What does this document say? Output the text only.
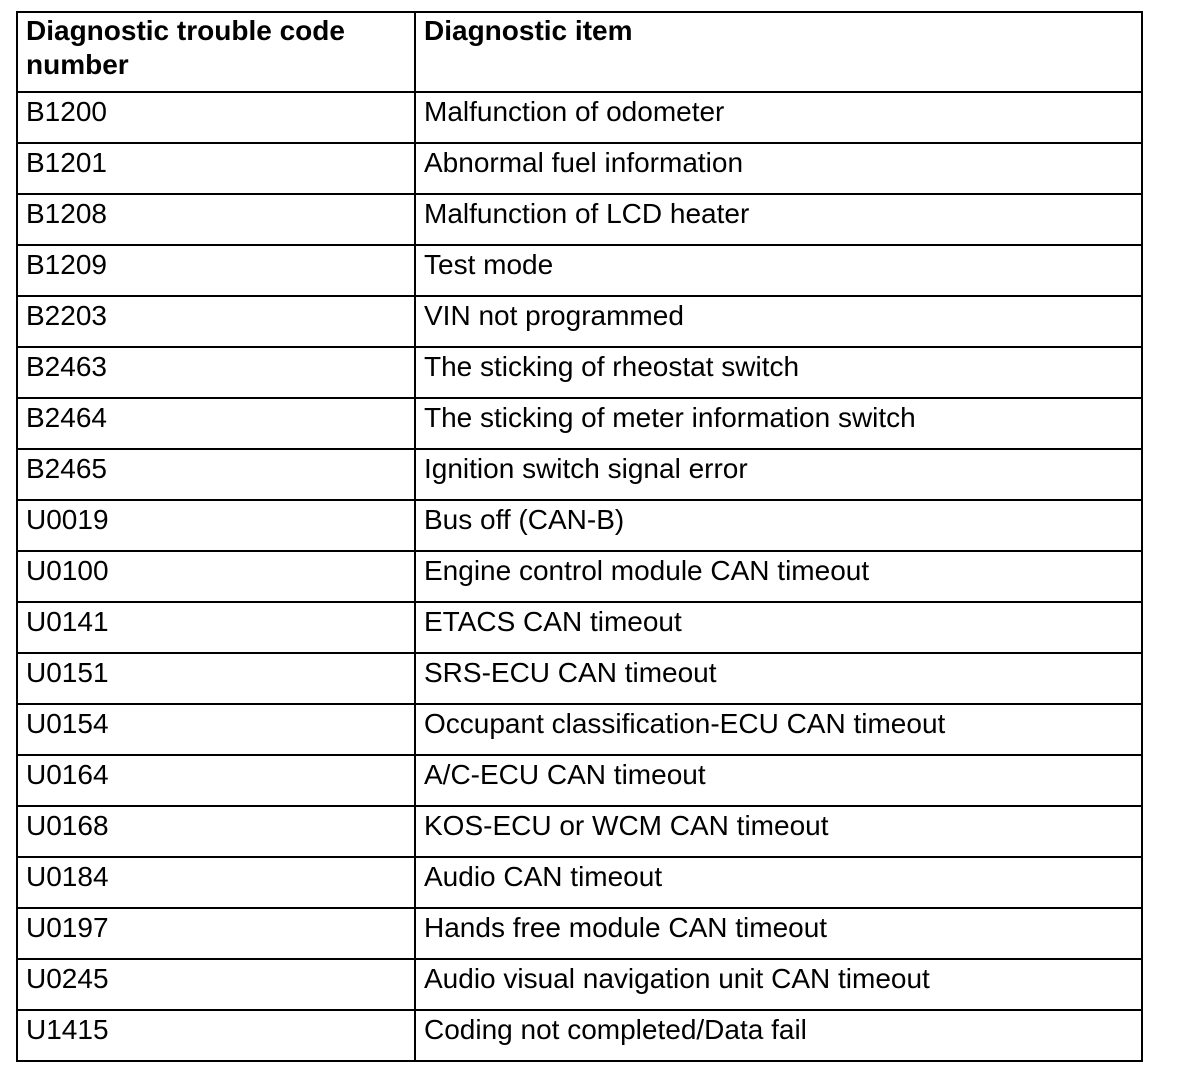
Diagnostic trouble code number	Diagnostic item
B1200	Malfunction of odometer
B1201	Abnormal fuel information
B1208	Malfunction of LCD heater
B1209	Test mode
B2203	VIN not programmed
B2463	The sticking of rheostat switch
B2464	The sticking of meter information switch
B2465	Ignition switch signal error
U0019	Bus off (CAN-B)
U0100	Engine control module CAN timeout
U0141	ETACS CAN timeout
U0151	SRS-ECU CAN timeout
U0154	Occupant classification-ECU CAN timeout
U0164	A/C-ECU CAN timeout
U0168	KOS-ECU or WCM CAN timeout
U0184	Audio CAN timeout
U0197	Hands free module CAN timeout
U0245	Audio visual navigation unit CAN timeout
U1415	Coding not completed/Data fail
